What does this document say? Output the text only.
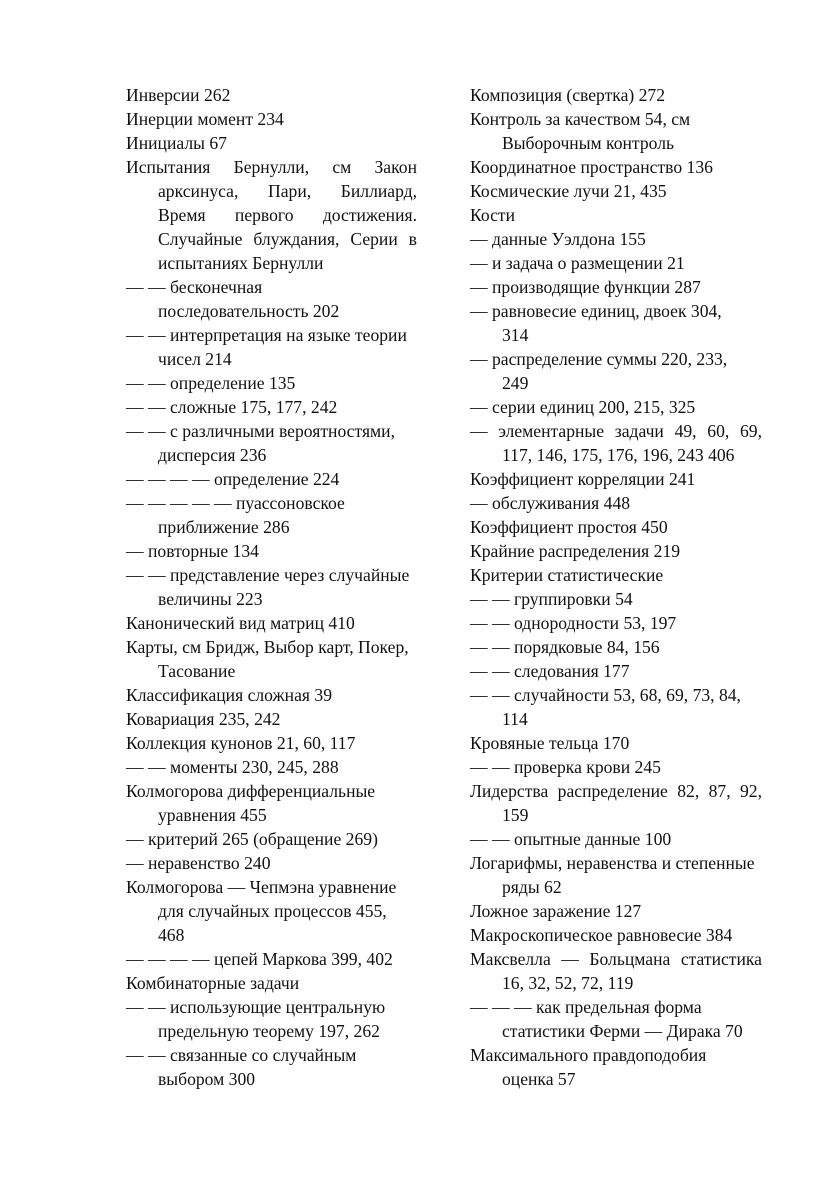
Инверсии 262
Инерции момент 234
Инициалы 67
Испытания Бернулли, см Закон
арксинуса, Пари, Биллиард,
Время первого достижения.
Случайные блуждания, Серии в
испытаниях Бернулли
— — бесконечная
последовательность 202
— — интерпретация на языке теории
чисел 214
— — определение 135
— — сложные 175, 177, 242
— — с различными вероятностями,
дисперсия 236
— — — — определение 224
— — — — — пуассоновское
приближение 286
— повторные 134
— — представление через случайные
величины 223
Канонический вид матриц 410
Карты, см Бридж, Выбор карт, Покер,
Тасование
Классификация сложная 39
Ковариация 235, 242
Коллекция кунонов 21, 60, 117
— — моменты 230, 245, 288
Колмогорова дифференциальные
уравнения 455
— критерий 265 (обращение 269)
— неравенство 240
Колмогорова — Чепмэна уравнение
для случайных процессов 455,
468
— — — — цепей Маркова 399, 402
Комбинаторные задачи
— — использующие центральную
предельную теорему 197, 262
— — связанные со случайным
выбором 300
Композиция (свертка) 272
Контроль за качеством 54, см
Выборочным контроль
Координатное пространство 136
Космические лучи 21, 435
Кости
— данные Уэлдона 155
— и задача о размещении 21
— производящие функции 287
— равновесие единиц, двоек 304,
314
— распределение суммы 220, 233,
249
— серии единиц 200, 215, 325
— элементарные задачи 49, 60, 69,
117, 146, 175, 176, 196, 243 406
Коэффициент корреляции 241
— обслуживания 448
Коэффициент простоя 450
Крайние распределения 219
Критерии статистические
— — группировки 54
— — однородности 53, 197
— — порядковые 84, 156
— — следования 177
— — случайности 53, 68, 69, 73, 84,
114
Кровяные тельца 170
— — проверка крови 245
Лидерства распределение 82, 87, 92,
159
— — опытные данные 100
Логарифмы, неравенства и степенные
ряды 62
Ложное заражение 127
Макроскопическое равновесие 384
Максвелла — Больцмана статистика
16, 32, 52, 72, 119
— — — как предельная форма
статистики Ферми — Дирака 70
Максимального правдоподобия
оценка 57
